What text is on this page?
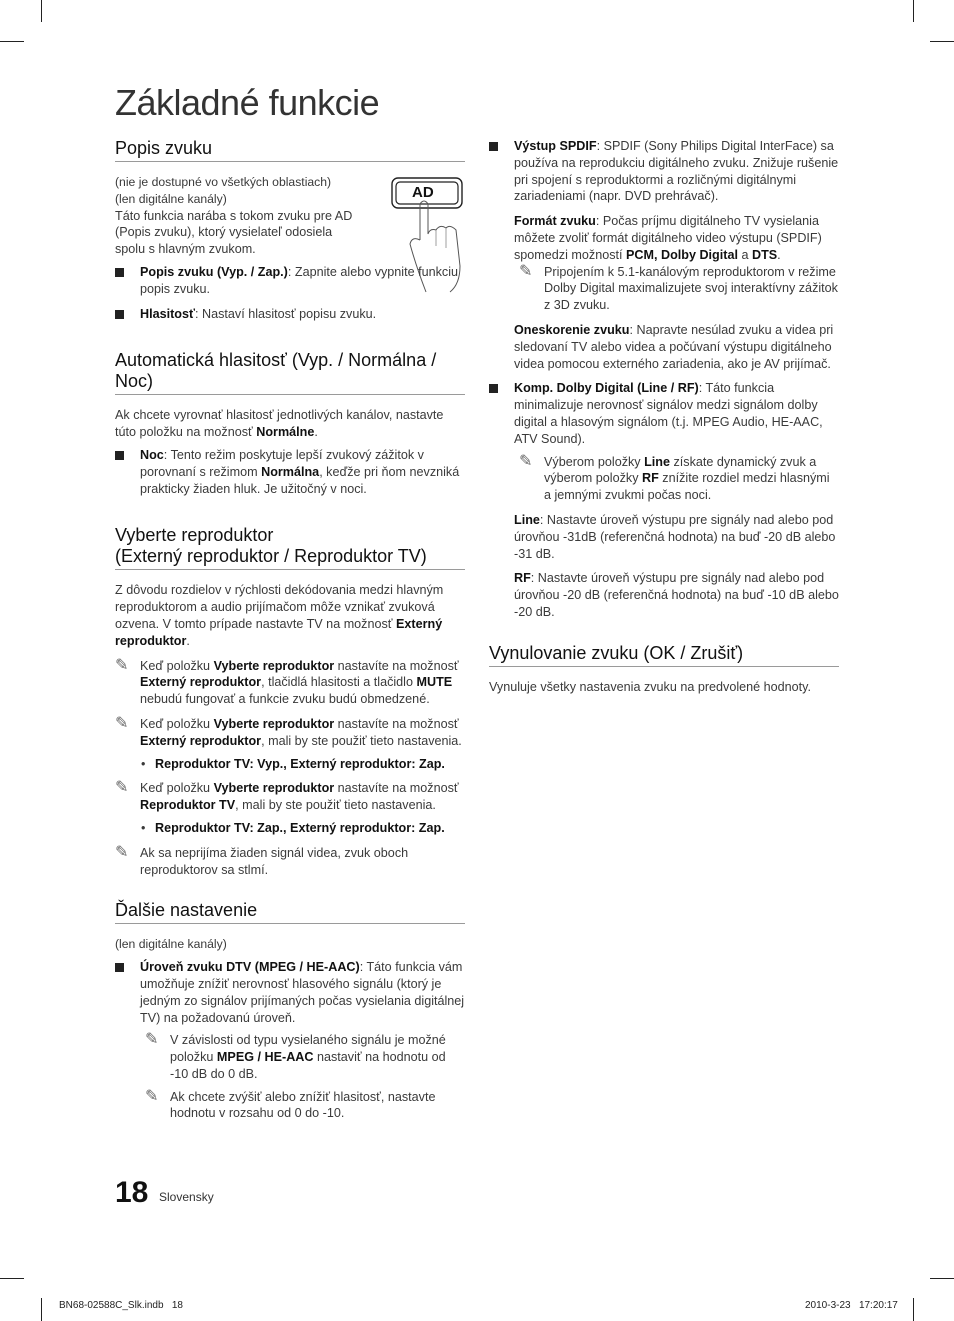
Základné funkcie
Popis zvuku

(nie je dostupné vo všetkých oblastiach)

(len digitálne kanály)

Táto funkcia narába s tokom zvuku pre AD (Popis zvuku), ktorý vysielateľ odosiela spolu s hlavným zvukom.

AD

Popis zvuku (Vyp. / Zap.): Zapnite alebo vypnite funkciu popis zvuku.

Hlasitosť: Nastaví hlasitosť popisu zvuku.

Automatická hlasitosť (Vyp. / Normálna / Noc)

Ak chcete vyrovnať hlasitosť jednotlivých kanálov, nastavte túto položku na možnosť Normálne.

Noc: Tento režim poskytuje lepší zvukový zážitok v porovnaní s režimom Normálna, keďže pri ňom nevzniká prakticky žiaden hluk. Je užitočný v noci.

Vyberte reproduktor
(Externý reproduktor / Reproduktor TV)

Z dôvodu rozdielov v rýchlosti dekódovania medzi hlavným reproduktorom a audio prijímačom môže vznikať zvuková ozvena. V tomto prípade nastavte TV na možnosť Externý reproduktor.

✎ Keď položku Vyberte reproduktor nastavíte na možnosť Externý reproduktor, tlačidlá hlasitosti a tlačidlo MUTE nebudú fungovať a funkcie zvuku budú obmedzené.

✎ Keď položku Vyberte reproduktor nastavíte na možnosť Externý reproduktor, mali by ste použiť tieto nastavenia.

• Reproduktor TV: Vyp., Externý reproduktor: Zap.

✎ Keď položku Vyberte reproduktor nastavíte na možnosť Reproduktor TV, mali by ste použiť tieto nastavenia.

• Reproduktor TV: Zap., Externý reproduktor: Zap.

✎ Ak sa neprijíma žiaden signál videa, zvuk oboch reproduktorov sa stlmí.

Ďalšie nastavenie

(len digitálne kanály)

Úroveň zvuku DTV (MPEG / HE-AAC): Táto funkcia vám umožňuje znížiť nerovnosť hlasového signálu (ktorý je jedným zo signálov prijímaných počas vysielania digitálnej TV) na požadovanú úroveň.

✎ V závislosti od typu vysielaného signálu je možné položku MPEG / HE-AAC nastaviť na hodnotu od -10 dB do 0 dB.

✎ Ak chcete zvýšiť alebo znížiť hlasitosť, nastavte hodnotu v rozsahu od 0 do -10.

Výstup SPDIF: SPDIF (Sony Philips Digital InterFace) sa používa na reprodukciu digitálneho zvuku. Znižuje rušenie pri spojení s reproduktormi a rozličnými digitálnymi zariadeniami (napr. DVD prehrávač).

Formát zvuku: Počas príjmu digitálneho TV vysielania môžete zvoliť formát digitálneho video výstupu (SPDIF) spomedzi možností PCM, Dolby Digital a DTS.

✎ Pripojením k 5.1-kanálovým reproduktorom v režime Dolby Digital maximalizujete svoj interaktívny zážitok z 3D zvuku.

Oneskorenie zvuku: Napravte nesúlad zvuku a videa pri sledovaní TV alebo videa a počúvaní výstupu digitálneho videa pomocou externého zariadenia, ako je AV prijímač.

Komp. Dolby Digital (Line / RF): Táto funkcia minimalizuje nerovnosť signálov medzi signálom dolby digital a hlasovým signálom (t.j. MPEG Audio, HE-AAC, ATV Sound).

✎ Výberom položky Line získate dynamický zvuk a výberom položky RF znížite rozdiel medzi hlasnými a jemnými zvukmi počas noci.

Line: Nastavte úroveň výstupu pre signály nad alebo pod úrovňou -31dB (referenčná hodnota) na buď -20 dB alebo -31 dB.

RF: Nastavte úroveň výstupu pre signály nad alebo pod úrovňou -20 dB (referenčná hodnota) na buď -10 dB alebo -20 dB.

Vynulovanie zvuku (OK / Zrušiť)

Vynuluje všetky nastavenia zvuku na predvolené hodnoty.

18 Slovensky
BN68-02588C_Slk.indb 18	2010-3-23 17:20:17
